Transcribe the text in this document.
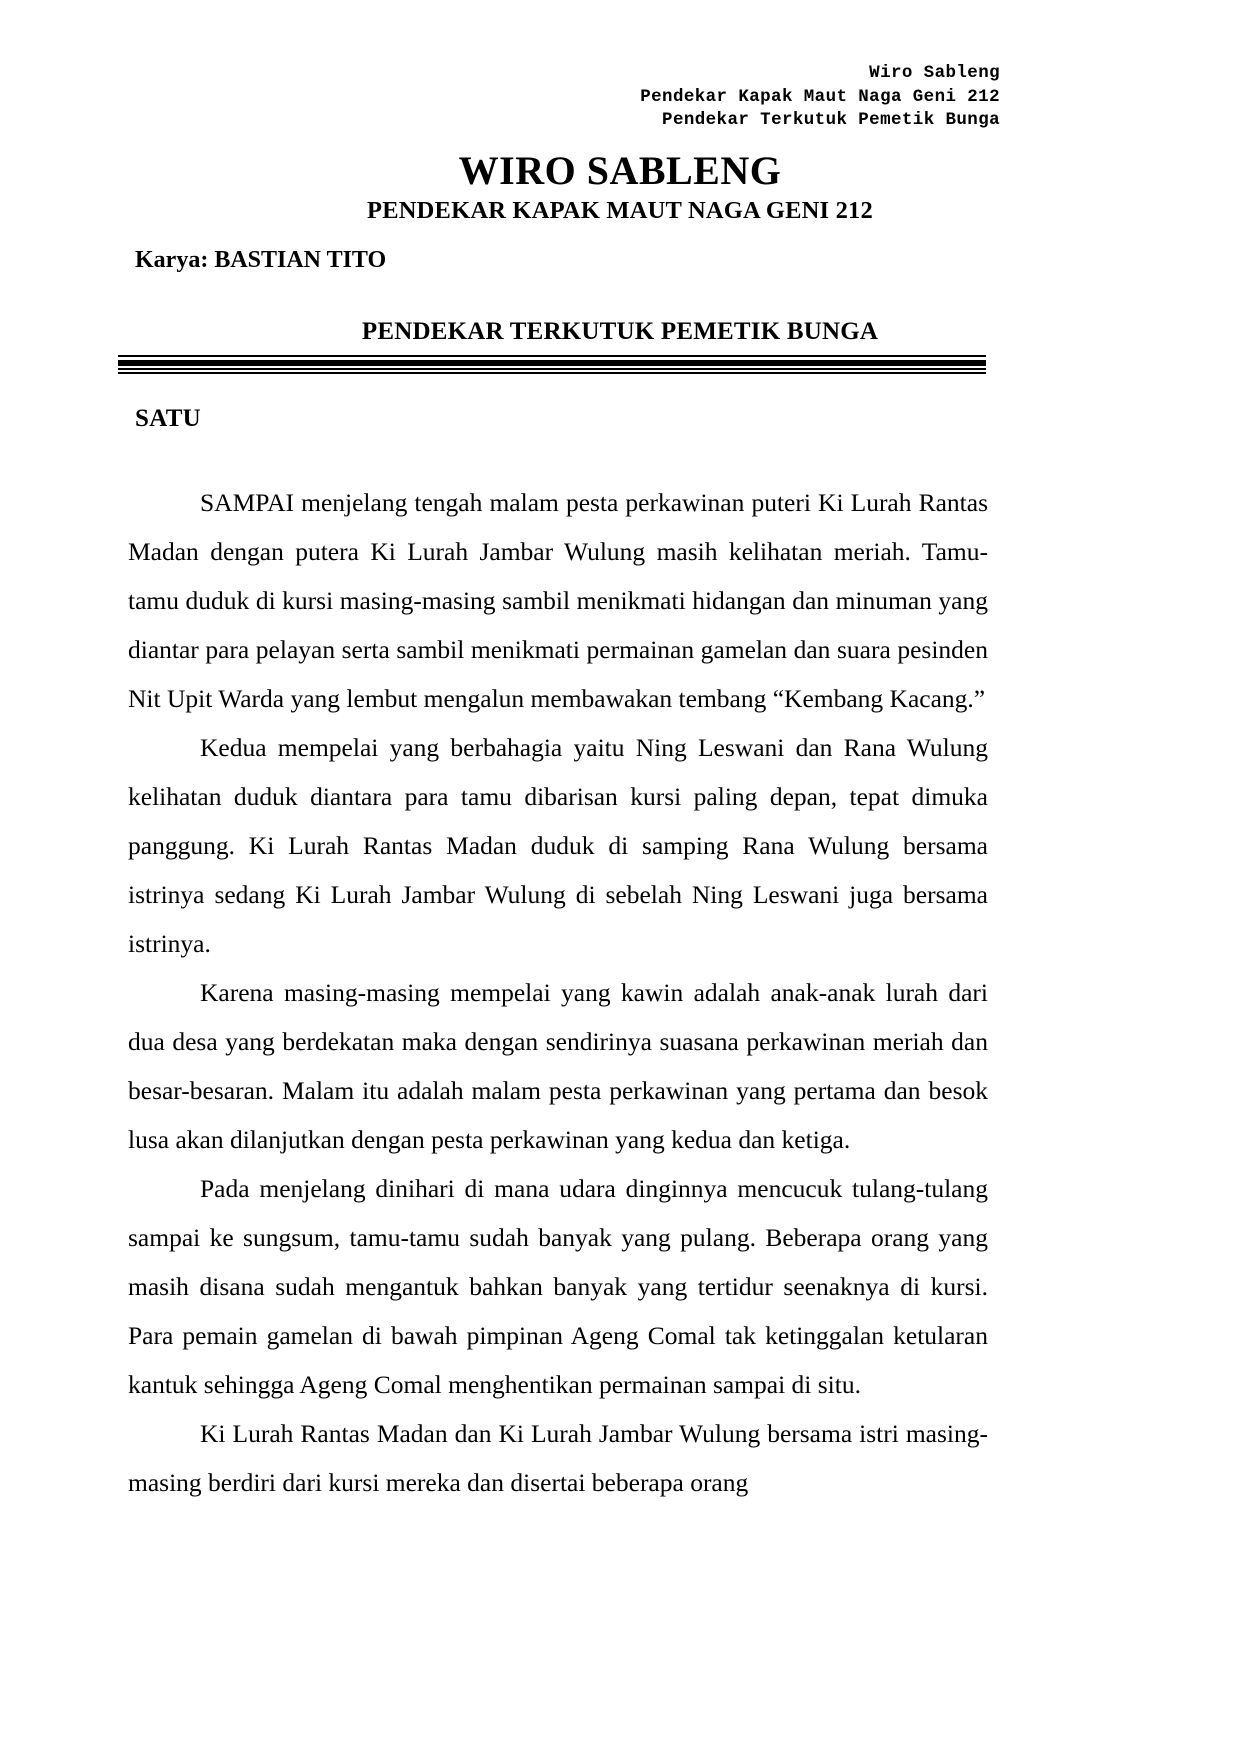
Wiro Sableng
Pendekar Kapak Maut Naga Geni 212
Pendekar Terkutuk Pemetik Bunga
WIRO SABLENG
PENDEKAR KAPAK MAUT NAGA GENI 212
Karya: BASTIAN TITO
PENDEKAR TERKUTUK PEMETIK BUNGA
SATU

SAMPAI menjelang tengah malam pesta perkawinan puteri Ki Lurah Rantas Madan dengan putera Ki Lurah Jambar Wulung masih kelihatan meriah. Tamu-tamu duduk di kursi masing-masing sambil menikmati hidangan dan minuman yang diantar para pelayan serta sambil menikmati permainan gamelan dan suara pesinden Nit Upit Warda yang lembut mengalun membawakan tembang “Kembang Kacang.”

Kedua mempelai yang berbahagia yaitu Ning Leswani dan Rana Wulung kelihatan duduk diantara para tamu dibarisan kursi paling depan, tepat dimuka panggung. Ki Lurah Rantas Madan duduk di samping Rana Wulung bersama istrinya sedang Ki Lurah Jambar Wulung di sebelah Ning Leswani juga bersama istrinya.

Karena masing-masing mempelai yang kawin adalah anak-anak lurah dari dua desa yang berdekatan maka dengan sendirinya suasana perkawinan meriah dan besar-besaran. Malam itu adalah malam pesta perkawinan yang pertama dan besok lusa akan dilanjutkan dengan pesta perkawinan yang kedua dan ketiga.

Pada menjelang dinihari di mana udara dinginnya mencucuk tulang-tulang sampai ke sungsum, tamu-tamu sudah banyak yang pulang. Beberapa orang yang masih disana sudah mengantuk bahkan banyak yang tertidur seenaknya di kursi. Para pemain gamelan di bawah pimpinan Ageng Comal tak ketinggalan ketularan kantuk sehingga Ageng Comal menghentikan permainan sampai di situ.

Ki Lurah Rantas Madan dan Ki Lurah Jambar Wulung bersama istri masing-masing berdiri dari kursi mereka dan disertai beberapa orang
